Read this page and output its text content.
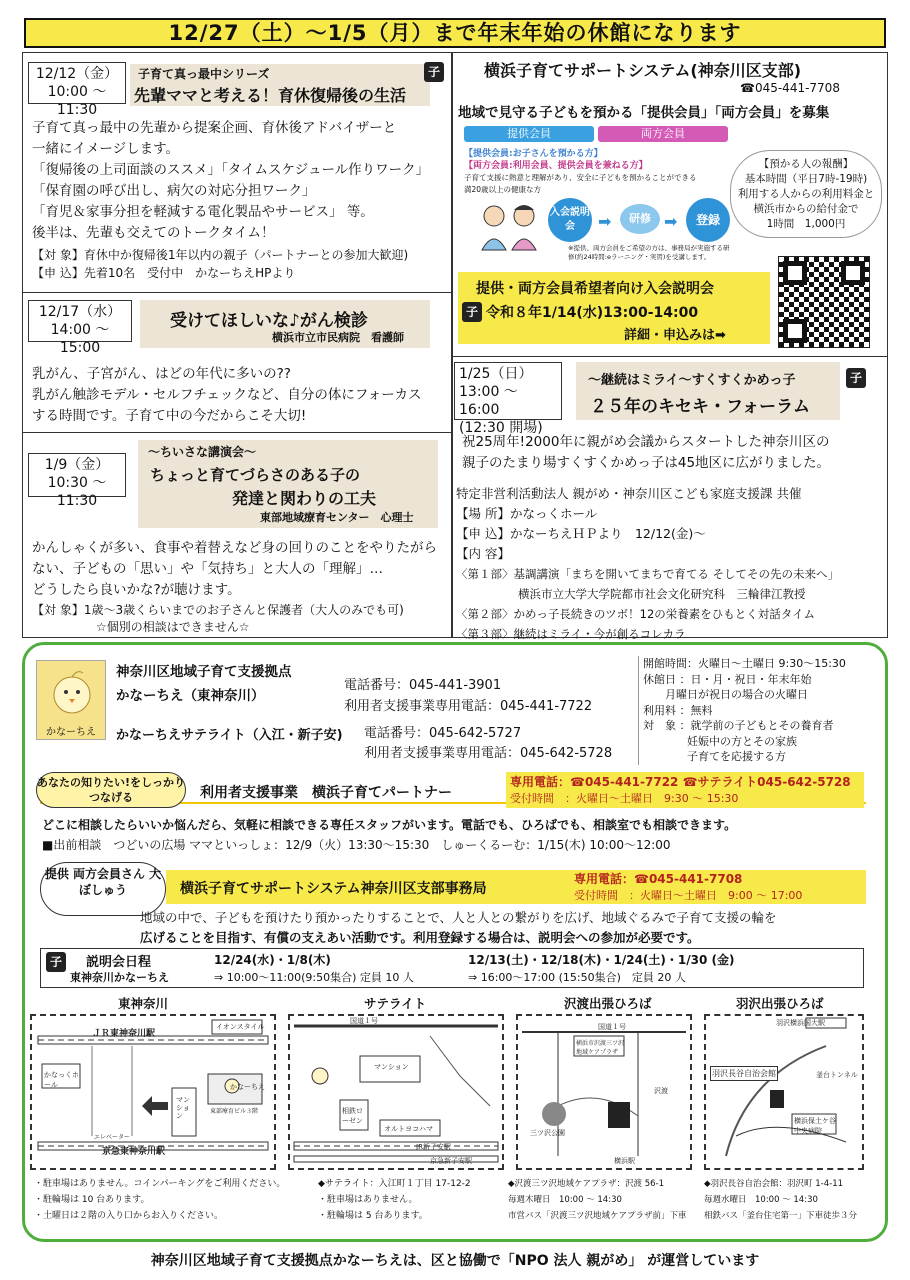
12/27（土）～1/5（月）まで年末年始の休館になります
12/12（金）
10:00 ～ 11:30
子育て真っ最中シリーズ
先輩ママと考える！育休復帰後の生活
子
子育て真っ最中の先輩から提案企画、育休後アドバイザーと
一緒にイメージします。
「復帰後の上司面談のススメ」「タイムスケジュール作りワーク」
「保育園の呼び出し、病欠の対応分担ワーク」
「育児＆家事分担を軽減する電化製品やサービス」 等。
後半は、先輩も交えてのトークタイム！
【対 象】育休中か復帰後1年以内の親子（パートナーとの参加大歓迎)
【申 込】先着10名　受付中　かなーちえHPより
12/17（水）
14:00 ～ 15:00
受けてほしいな♪がん検診
横浜市立市民病院　看護師
乳がん、子宮がん、はどの年代に多いの??
乳がん触診モデル・セルフチェックなど、自分の体にフォーカス
する時間です。子育て中の今だからこそ大切!
1/9（金）
10:30 ～ 11:30
～ちいさな講演会～
ちょっと育てづらさのある子の
発達と関わりの工夫
東部地域療育センター　心理士
かんしゃくが多い、食事や着替えなど身の回りのことをやりたがら
ない、子どもの「思い」や「気持ち」と大人の「理解」…
どうしたら良いかな?が聴けます。
【対 象】1歳～3歳くらいまでのお子さんと保護者（大人のみでも可)
☆個別の相談はできません☆
横浜子育てサポートシステム(神奈川区支部)
☎045-441-7708
地域で見守る子どもを預かる「提供会員」「両方会員」を募集
提供会員	両方会員
【提供会員:お子さんを預かる方】
【両方会員:利用会員、提供会員を兼ねる方】
子育て支援に熱意と理解があり、安全に子どもを預かることができる
満20歳以上の健康な方
入会説明会	➡	研修 ➡	登録
※提供、両方会員をご希望の方は、事務局が実施する研修(約24時間:eラーニング・実習)を受講します。
【預かる人の報酬】
基本時間（平日7時-19時)
利用する人からの利用料金と
横浜市からの給付金で
1時間　1,000円
提供・両方会員希望者向け入会説明会
子 令和８年1/14(水)13:00-14:00
詳細・申込みは➡
1/25（日）
13:00 ～ 16:00
(12:30 開場)
～継続はミライ～すくすくかめっ子
２５年のキセキ・フォーラム
子
祝25周年!2000年に親がめ会議からスタートした神奈川区の
親子のたまり場すくすくかめっ子は45地区に広がりました。
特定非営利活動法人 親がめ・神奈川区こども家庭支援課 共催
【場 所】かなっくホール
【申 込】かなーちえＨＰより　12/12(金)～
【内 容】
〈第１部〉基調講演「まちを開いてまちで育てる そしてその先の未来へ」
横浜市立大学大学院都市社会文化研究科　三輪律江教授
〈第２部〉かめっ子長続きのツボ！12の栄養素をひもとく対話タイム
〈第３部〉継続はミライ・今が創るコレカラ
かなーちえ
神奈川区地域子育て支援拠点
かなーちえ（東神奈川）
電話番号：045-441-3901
利用者支援事業専用電話：045-441-7722
かなーちえサテライト（入江・新子安) 電話番号：045-642-5727
利用者支援事業専用電話：045-642-5728
開館時間：火曜日～土曜日 9:30～15:30
休館日 ：日・月・祝日・年末年始
　　月曜日が祝日の場合の火曜日
利用料 ：無料
対　象 ：就学前の子どもとその養育者
　　　　妊娠中の方とその家族
　　　　子育てを応援する方
あなたの知りたい!をしっかりつなげる	利用者支援事業　横浜子育てパートナー
専用電話：☎045-441-7722 ☎サテライト045-642-5728
受付時間　：火曜日～土曜日　9:30 ～ 15:30
どこに相談したらいいか悩んだら、気軽に相談できる専任スタッフがいます。電話でも、ひろばでも、相談室でも相談できます。
■出前相談　つどいの広場 ママといっしょ：12/9（火）13:30～15:30　しゅーくるーむ：1/15(木) 10:00～12:00
提供 両方会員さん 大ぼしゅう	横浜子育てサポートシステム神奈川区支部事務局
専用電話：☎045-441-7708
受付時間　：火曜日～土曜日　9:00 ～ 17:00
地域の中で、子どもを預けたり預かったりすることで、人と人との繋がりを広げ、地域ぐるみで子育て支援の輪を
広げることを目指す、有償の支えあい活動です。利用登録する場合は、説明会への参加が必要です。
子	説明会日程
東神奈川かなーちえ
12/24(水)・1/8(木)
⇒ 10:00～11:00(9:50集合) 定員 10 人
12/13(土)・12/18(木)・1/24(土)・1/30 (金)
⇒ 16:00～17:00 (15:50集合)　定員 20 人
東神奈川	サテライト	沢渡出張ひろば	羽沢出張ひろば
ＪＲ東神奈川駅
かなっくホール
京急東神奈川駅
イオンスタイル
マンション
かなーちえ
東部療育ビル３階
エレベーター
マンション
相鉄ローゼン
オルトヨコハマ
JR新子安駅
京急新子安駅
国道１号
横浜市沢渡三ツ沢地域ケアプラザ
三ツ沢公園
横浜駅
沢渡
国道１号	羽沢横浜国大駅
羽沢長谷自治会館
横浜保土ケ谷中央病院
釜台トンネル
・駐車場はありません。コインパーキングをご利用ください。
・駐輪場は 10 台あります。
・土曜日は２階の入り口からお入りください。
◆サテライト：入江町１丁目 17-12-2
・駐車場はありません。
・駐輪場は 5 台あります。
◆沢渡三ツ沢地域ケアプラザ：沢渡 56-1
毎週木曜日　10:00 ～ 14:30
市営バス「沢渡三ツ沢地域ケアプラザ前」下車
◆羽沢長谷自治会館：羽沢町 1-4-11
毎週水曜日　10:00 ～ 14:30
相鉄バス「釜台住宅第一」下車徒歩３分
神奈川区地域子育て支援拠点かなーちえは、区と協働で「NPO 法人 親がめ」 が運営しています
